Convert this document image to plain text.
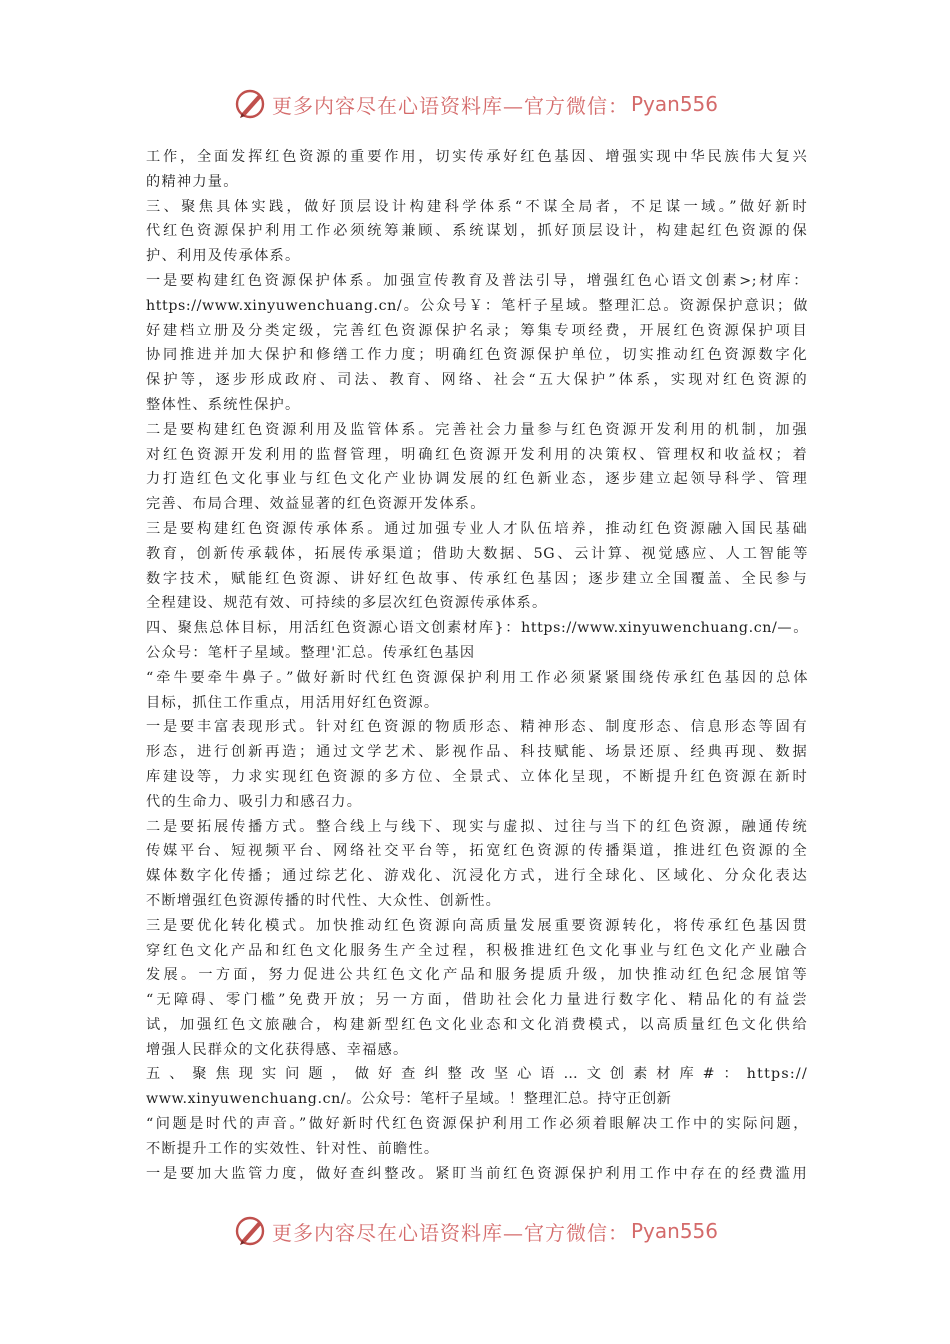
更多内容尽在心语资料库—官方微信： Pyan556
工作，全面发挥红色资源的重要作用，切实传承好红色基因、增强实现中华民族伟大复兴
的精神力量。
三、聚焦具体实践，做好顶层设计构建科学体系“不谋全局者，不足谋一域。”做好新时
代红色资源保护利用工作必须统筹兼顾、系统谋划，抓好顶层设计，构建起红色资源的保
护、利用及传承体系。
一是要构建红色资源保护体系。加强宣传教育及普法引导，增强红色心语文创素>;材库：
https://www.xinyuwenchuang.cn/。公众号￥：笔杆子星域。整理汇总。资源保护意识；做
好建档立册及分类定级，完善红色资源保护名录；筹集专项经费，开展红色资源保护项目
协同推进并加大保护和修缮工作力度；明确红色资源保护单位，切实推动红色资源数字化
保护等，逐步形成政府、司法、教育、网络、社会“五大保护”体系，实现对红色资源的
整体性、系统性保护。
二是要构建红色资源利用及监管体系。完善社会力量参与红色资源开发利用的机制，加强
对红色资源开发利用的监督管理，明确红色资源开发利用的决策权、管理权和收益权；着
力打造红色文化事业与红色文化产业协调发展的红色新业态，逐步建立起领导科学、管理
完善、布局合理、效益显著的红色资源开发体系。
三是要构建红色资源传承体系。通过加强专业人才队伍培养，推动红色资源融入国民基础
教育，创新传承载体，拓展传承渠道；借助大数据、5G、云计算、视觉感应、人工智能等
数字技术，赋能红色资源、讲好红色故事、传承红色基因；逐步建立全国覆盖、全民参与
全程建设、规范有效、可持续的多层次红色资源传承体系。
四、聚焦总体目标，用活红色资源心语文创素材库}：https://www.xinyuwenchuang.cn/—。
公众号：笔杆子星域。整理'汇总。传承红色基因
“牵牛要牵牛鼻子。”做好新时代红色资源保护利用工作必须紧紧围绕传承红色基因的总体
目标，抓住工作重点，用活用好红色资源。
一是要丰富表现形式。针对红色资源的物质形态、精神形态、制度形态、信息形态等固有
形态，进行创新再造；通过文学艺术、影视作品、科技赋能、场景还原、经典再现、数据
库建设等，力求实现红色资源的多方位、全景式、立体化呈现，不断提升红色资源在新时
代的生命力、吸引力和感召力。
二是要拓展传播方式。整合线上与线下、现实与虚拟、过往与当下的红色资源，融通传统
传媒平台、短视频平台、网络社交平台等，拓宽红色资源的传播渠道，推进红色资源的全
媒体数字化传播；通过综艺化、游戏化、沉浸化方式，进行全球化、区域化、分众化表达
不断增强红色资源传播的时代性、大众性、创新性。
三是要优化转化模式。加快推动红色资源向高质量发展重要资源转化，将传承红色基因贯
穿红色文化产品和红色文化服务生产全过程，积极推进红色文化事业与红色文化产业融合
发展。一方面，努力促进公共红色文化产品和服务提质升级，加快推动红色纪念展馆等
“无障碍、零门槛”免费开放；另一方面，借助社会化力量进行数字化、精品化的有益尝
试，加强红色文旅融合，构建新型红色文化业态和文化消费模式，以高质量红色文化供给
增强人民群众的文化获得感、幸福感。
五、聚焦现实问题，做好查纠整改坚心语…文创素材库#：https://
www.xinyuwenchuang.cn/。公众号：笔杆子星域。！整理汇总。持守正创新
“问题是时代的声音。”做好新时代红色资源保护利用工作必须着眼解决工作中的实际问题，
不断提升工作的实效性、针对性、前瞻性。
一是要加大监管力度，做好查纠整改。紧盯当前红色资源保护利用工作中存在的经费滥用
更多内容尽在心语资料库—官方微信： Pyan556
